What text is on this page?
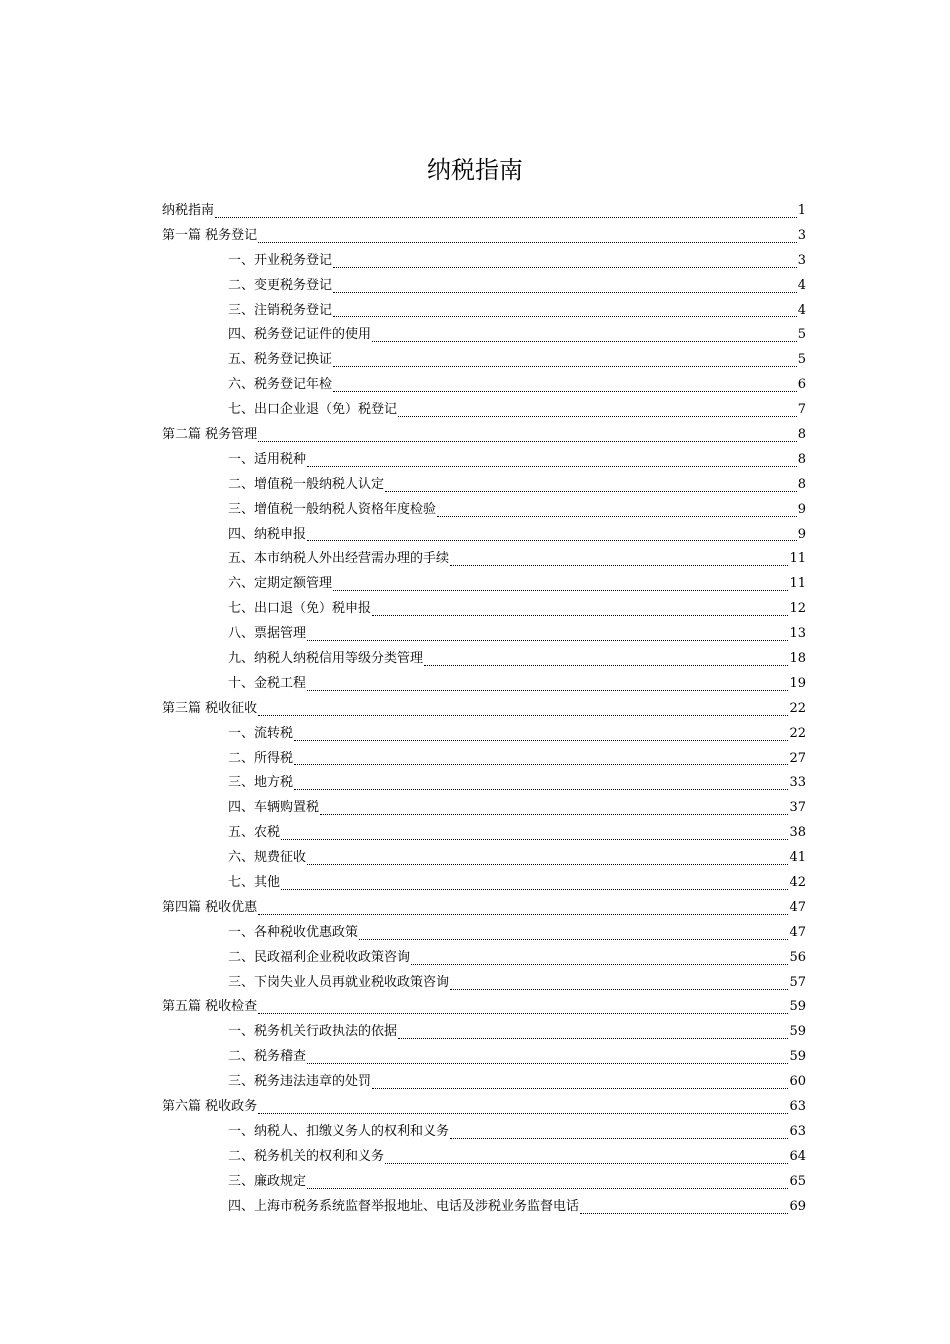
纳税指南
纳税指南	1
第一篇 税务登记	3
一、开业税务登记	3
二、变更税务登记	4
三、注销税务登记	4
四、税务登记证件的使用	5
五、税务登记换证	5
六、税务登记年检	6
七、出口企业退（免）税登记	7
第二篇 税务管理	8
一、适用税种	8
二、增值税一般纳税人认定	8
三、增值税一般纳税人资格年度检验	9
四、纳税申报	9
五、本市纳税人外出经营需办理的手续	11
六、定期定额管理	11
七、出口退（免）税申报	12
八、票据管理	13
九、纳税人纳税信用等级分类管理	18
十、金税工程	19
第三篇 税收征收	22
一、流转税	22
二、所得税	27
三、地方税	33
四、车辆购置税	37
五、农税	38
六、规费征收	41
七、其他	42
第四篇 税收优惠	47
一、各种税收优惠政策	47
二、民政福利企业税收政策咨询	56
三、下岗失业人员再就业税收政策咨询	57
第五篇 税收检查	59
一、税务机关行政执法的依据	59
二、税务稽查	59
三、税务违法违章的处罚	60
第六篇 税收政务	63
一、纳税人、扣缴义务人的权利和义务	63
二、税务机关的权利和义务	64
三、廉政规定	65
四、上海市税务系统监督举报地址、电话及涉税业务监督电话	69
